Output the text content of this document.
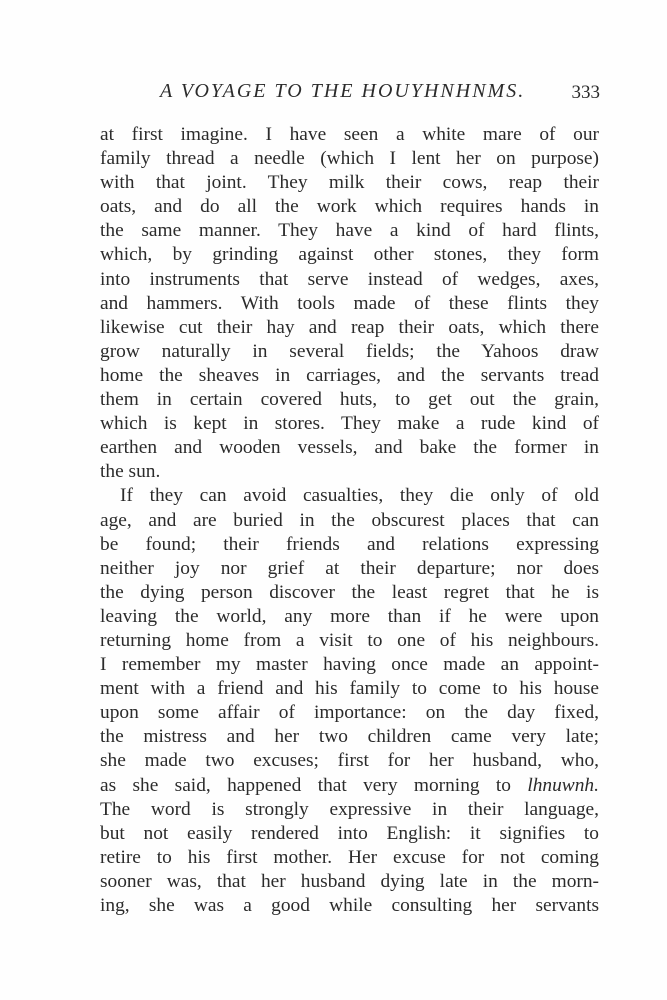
A VOYAGE TO THE HOUYHNHNMS. 333
at first imagine. I have seen a white mare of our
family thread a needle (which I lent her on purpose)
with that joint. They milk their cows, reap their
oats, and do all the work which requires hands in
the same manner. They have a kind of hard flints,
which, by grinding against other stones, they form
into instruments that serve instead of wedges, axes,
and hammers. With tools made of these flints they
likewise cut their hay and reap their oats, which there
grow naturally in several fields; the Yahoos draw
home the sheaves in carriages, and the servants tread
them in certain covered huts, to get out the grain,
which is kept in stores. They make a rude kind of
earthen and wooden vessels, and bake the former in
the sun.
If they can avoid casualties, they die only of old
age, and are buried in the obscurest places that can
be found; their friends and relations expressing
neither joy nor grief at their departure; nor does
the dying person discover the least regret that he is
leaving the world, any more than if he were upon
returning home from a visit to one of his neighbours.
I remember my master having once made an appoint-
ment with a friend and his family to come to his house
upon some affair of importance: on the day fixed,
the mistress and her two children came very late;
she made two excuses; first for her husband, who,
as she said, happened that very morning to lhnuwnh.
The word is strongly expressive in their language,
but not easily rendered into English: it signifies to
retire to his first mother. Her excuse for not coming
sooner was, that her husband dying late in the morn-
ing, she was a good while consulting her servants
